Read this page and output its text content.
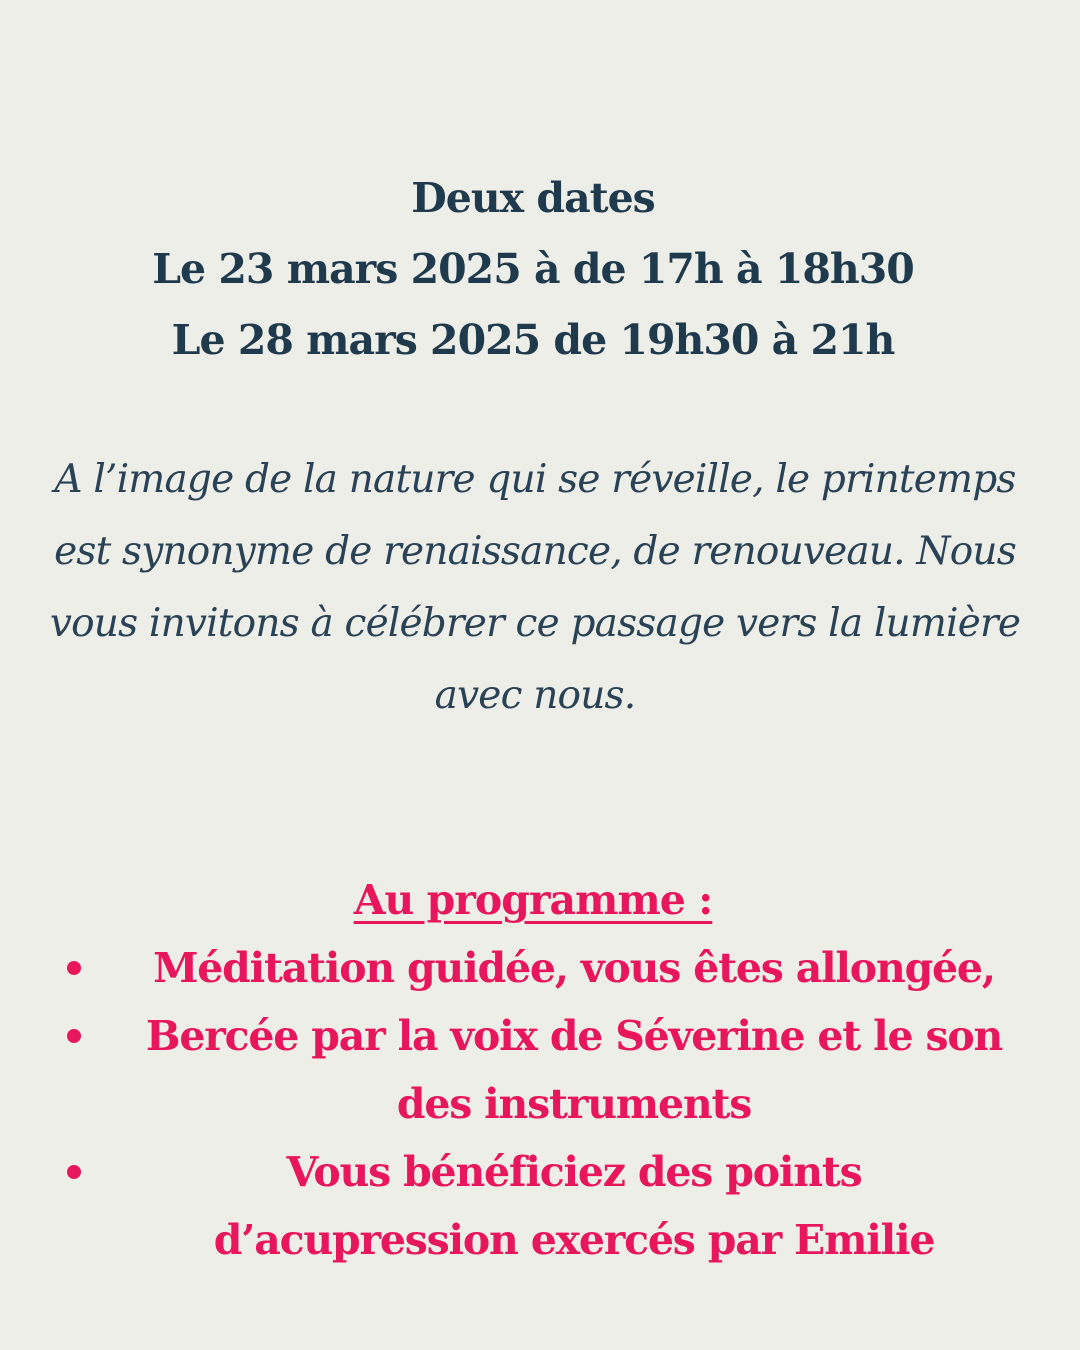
Deux dates
Le 23 mars 2025 à de 17h à 18h30
Le 28 mars 2025 de 19h30 à 21h
A l’image de la nature qui se réveille, le printemps est synonyme de renaissance, de renouveau. Nous vous invitons à célébrer ce passage vers la lumière avec nous.
Au programme :
Méditation guidée, vous êtes allongée,
Bercée par la voix de Séverine et le son des instruments
Vous bénéficiez des points d’acupression exercés par Emilie
